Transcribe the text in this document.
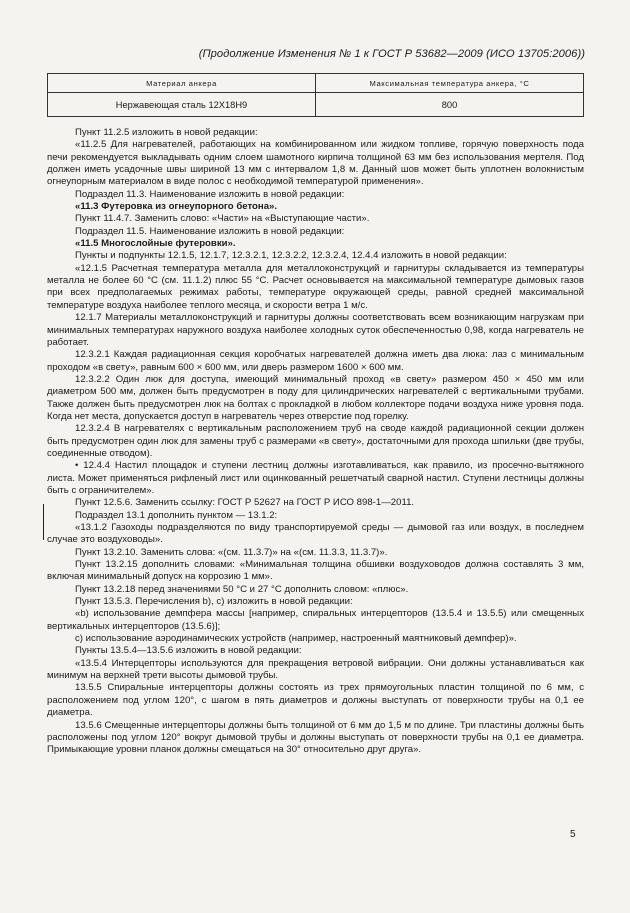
(Продолжение Изменения № 1 к ГОСТ Р 53682—2009 (ИСО 13705:2006))
Материал анкера	Максимальная температура анкера, °С
Нержавеющая сталь 12Х18Н9	800

Пункт 11.2.5 изложить в новой редакции:

«11.2.5 Для нагревателей, работающих на комбинированном или жидком топливе, горячую поверхность пода печи рекомендуется выкладывать одним слоем шамотного кирпича толщиной 63 мм без использования мертеля. Под должен иметь усадочные швы шириной 13 мм с интервалом 1,8 м. Данный шов может быть уплотнен волокнистым огнеупорным материалом в виде полос с необходимой температурой применения».

Подраздел 11.3. Наименование изложить в новой редакции:

«11.3 Футеровка из огнеупорного бетона».

Пункт 11.4.7. Заменить слово: «Части» на «Выступающие части».

Подраздел 11.5. Наименование изложить в новой редакции:

«11.5 Многослойные футеровки».

Пункты и подпункты 12.1.5, 12.1.7, 12.3.2.1, 12.3.2.2, 12.3.2.4, 12.4.4 изложить в новой редакции:

«12.1.5 Расчетная температура металла для металлоконструкций и гарнитуры складывается из температуры металла не более 60 °С (см. 11.1.2) плюс 55 °С. Расчет основывается на максимальной температуре дымовых газов при всех предполагаемых режимах работы, температуре окружающей среды, равной средней максимальной температуре воздуха наиболее теплого месяца, и скорости ветра 1 м/с.

12.1.7 Материалы металлоконструкций и гарнитуры должны соответствовать всем возникающим нагрузкам при минимальных температурах наружного воздуха наиболее холодных суток обеспеченностью 0,98, когда нагреватель не работает.

12.3.2.1 Каждая радиационная секция коробчатых нагревателей должна иметь два люка: лаз с минимальным проходом «в свету», равным 600 × 600 мм, или дверь размером 1600 × 600 мм.

12.3.2.2 Один люк для доступа, имеющий минимальный проход «в свету» размером 450 × 450 мм или диаметром 500 мм, должен быть предусмотрен в поду для цилиндрических нагревателей с вертикальными трубами. Также должен быть предусмотрен люк на болтах с прокладкой в любом коллекторе подачи воздуха ниже уровня пода. Когда нет места, допускается доступ в нагреватель через отверстие под горелку.

12.3.2.4 В нагревателях с вертикальным расположением труб на своде каждой радиационной секции должен быть предусмотрен один люк для замены труб с размерами «в свету», достаточными для прохода шпильки (две трубы, соединенные отводом).

• 12.4.4 Настил площадок и ступени лестниц должны изготавливаться, как правило, из просечно-вытяжного листа. Может применяться рифленый лист или оцинкованный решетчатый сварной настил. Ступени лестницы должны быть с ограничителем».

Пункт 12.5.6. Заменить ссылку: ГОСТ Р 52627 на ГОСТ Р ИСО 898-1—2011.

Подраздел 13.1 дополнить пунктом — 13.1.2:

«13.1.2 Газоходы подразделяются по виду транспортируемой среды — дымовой газ или воздух, в последнем случае это воздуховоды».

Пункт 13.2.10. Заменить слова: «(см. 11.3.7)» на «(см. 11.3.3, 11.3.7)».

Пункт 13.2.15 дополнить словами: «Минимальная толщина обшивки воздуховодов должна составлять 3 мм, включая минимальный допуск на коррозию 1 мм».

Пункт 13.2.18 перед значениями 50 °С и 27 °С дополнить словом: «плюс».

Пункт 13.5.3. Перечисления b), с) изложить в новой редакции:

«b) использование демпфера массы [например, спиральных интерцепторов (13.5.4 и 13.5.5) или смещенных вертикальных интерцепторов (13.5.6)];

с) использование аэродинамических устройств (например, настроенный маятниковый демпфер)».

Пункты 13.5.4—13.5.6 изложить в новой редакции:

«13.5.4 Интерцепторы используются для прекращения ветровой вибрации. Они должны устанавливаться как минимум на верхней трети высоты дымовой трубы.

13.5.5 Спиральные интерцепторы должны состоять из трех прямоугольных пластин толщиной по 6 мм, с расположением под углом 120°, с шагом в пять диаметров и должны выступать от поверхности трубы на 0,1 ее диаметра.

13.5.6 Смещенные интерцепторы должны быть толщиной от 6 мм до 1,5 м по длине. Три пластины должны быть расположены под углом 120° вокруг дымовой трубы и должны выступать от поверхности трубы на 0,1 ее диаметра. Примыкающие уровни планок должны смещаться на 30° относительно друг друга».

5
